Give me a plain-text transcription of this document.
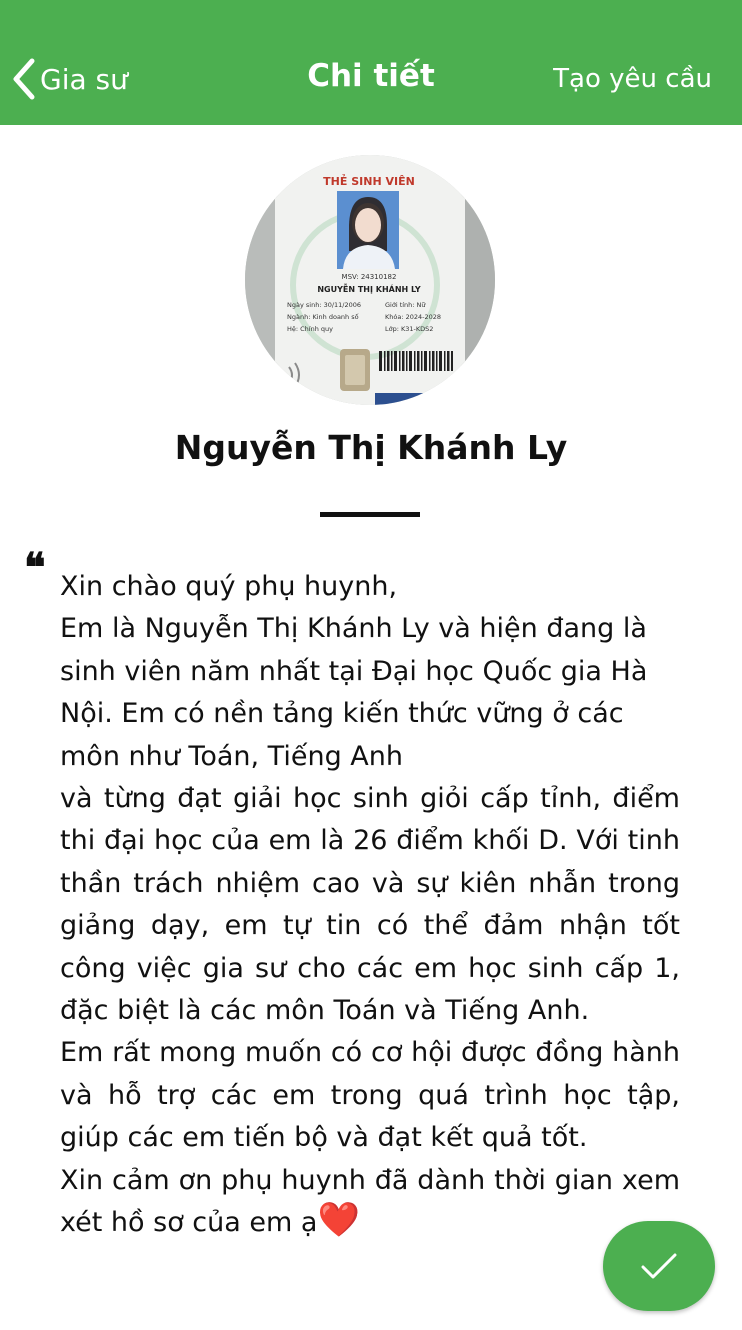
Gia sư	Chi tiết	Tạo yêu cầu
THẺ SINH VIÊN
MSV: 24310182
NGUYỄN THỊ KHÁNH LY
Ngày sinh: 30/11/2006	Giới tính: Nữ
Ngành: Kinh doanh số	Khóa: 2024-2028
Hệ: Chính quy	Lớp: K31-KDS2
Nguyễn Thị Khánh Ly
❝ Xin chào quý phụ huynh,

Em là Nguyễn Thị Khánh Ly và hiện đang là sinh viên năm nhất tại Đại học Quốc gia Hà Nội. Em có nền tảng kiến thức vững ở các môn như Toán, Tiếng Anh

và từng đạt giải học sinh giỏi cấp tỉnh, điểm thi đại học của em là 26 điểm khối D. Với tinh thần trách nhiệm cao và sự kiên nhẫn trong giảng dạy, em tự tin có thể đảm nhận tốt công việc gia sư cho các em học sinh cấp 1, đặc biệt là các môn Toán và Tiếng Anh.

Em rất mong muốn có cơ hội được đồng hành và hỗ trợ các em trong quá trình học tập, giúp các em tiến bộ và đạt kết quả tốt.

Xin cảm ơn phụ huynh đã dành thời gian xem xét hồ sơ của em ạ❤️
